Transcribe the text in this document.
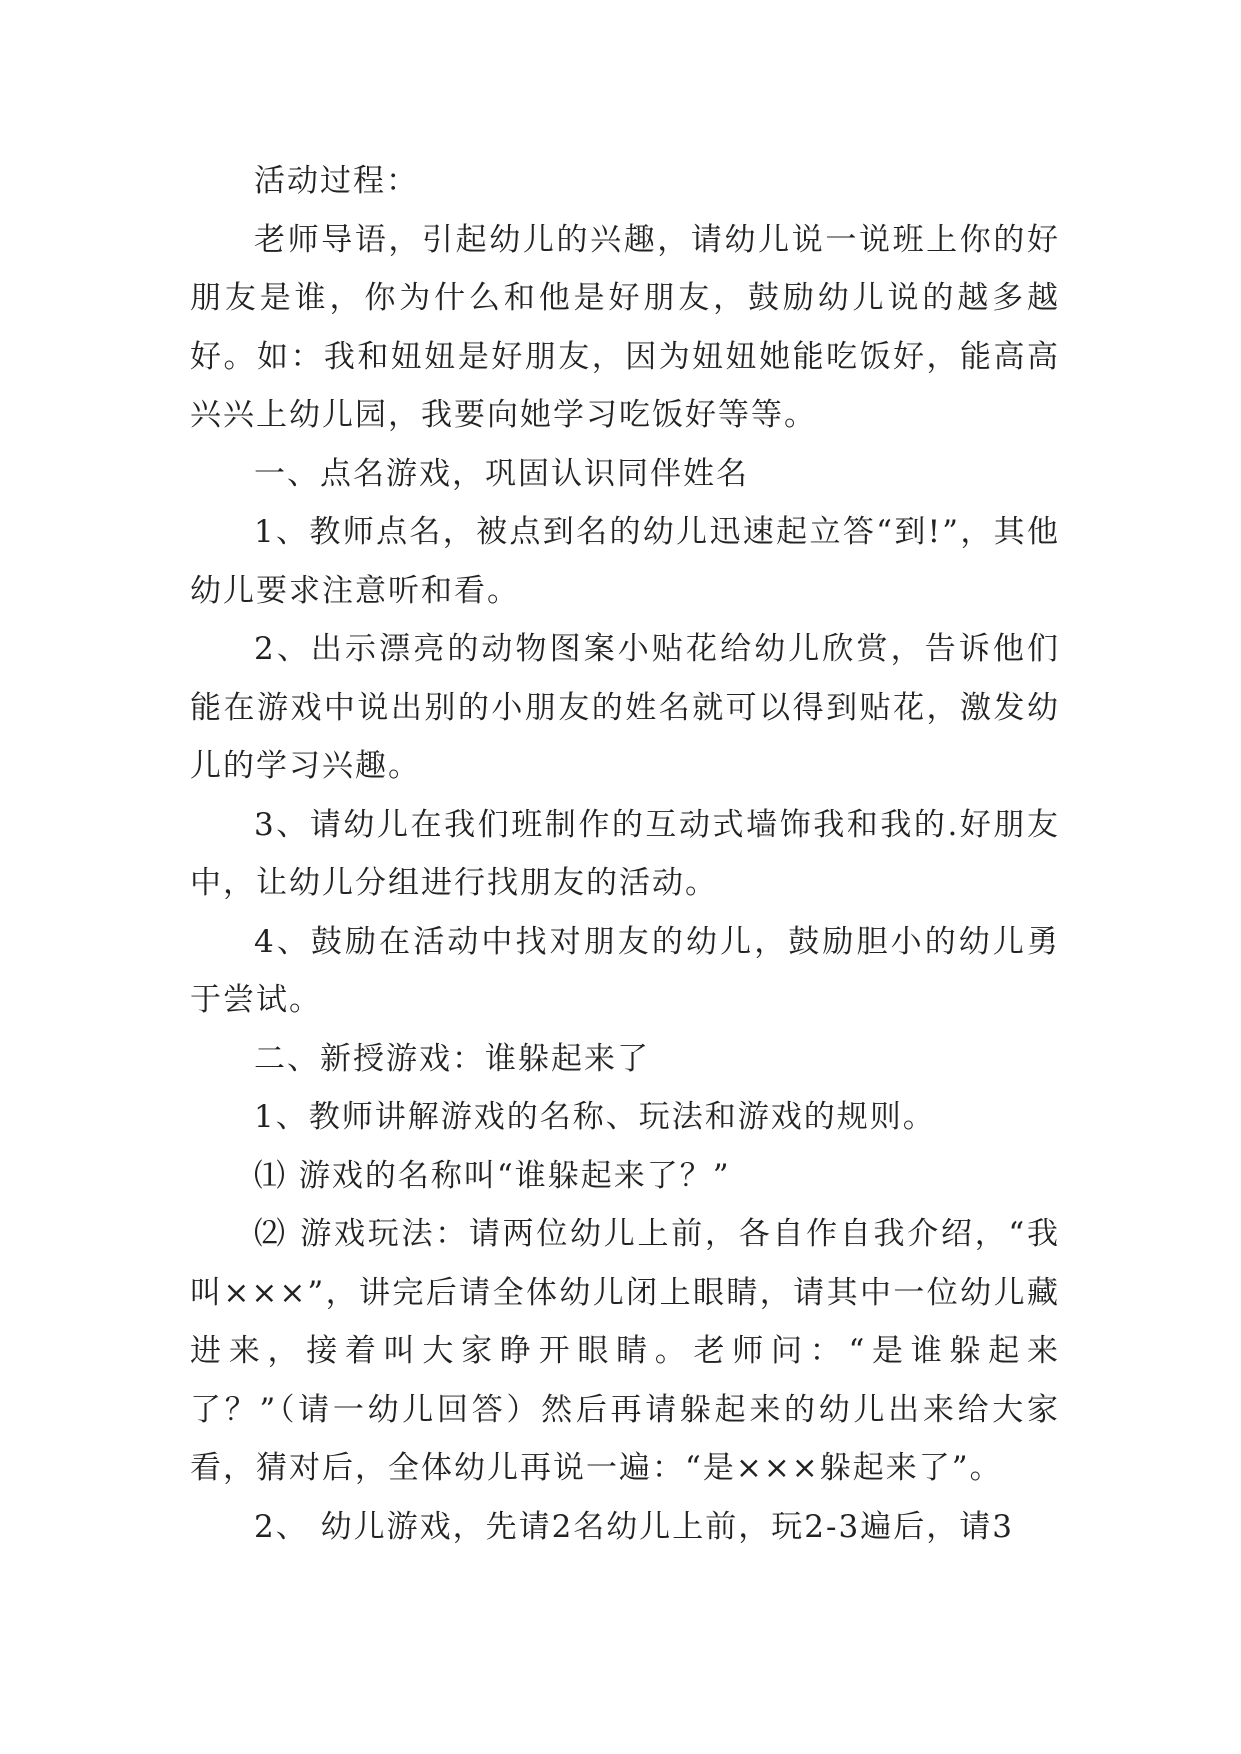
活动过程：

老师导语，引起幼儿的兴趣，请幼儿说一说班上你的好朋友是谁，你为什么和他是好朋友，鼓励幼儿说的越多越好。如：我和妞妞是好朋友，因为妞妞她能吃饭好，能高高兴兴上幼儿园，我要向她学习吃饭好等等。

一、点名游戏，巩固认识同伴姓名

1、教师点名，被点到名的幼儿迅速起立答“到!”，其他幼儿要求注意听和看。

2、出示漂亮的动物图案小贴花给幼儿欣赏，告诉他们能在游戏中说出别的小朋友的姓名就可以得到贴花，激发幼儿的学习兴趣。

3、请幼儿在我们班制作的互动式墙饰我和我的.好朋友中，让幼儿分组进行找朋友的活动。

4、鼓励在活动中找对朋友的幼儿，鼓励胆小的幼儿勇于尝试。

二、新授游戏：谁躲起来了

1、教师讲解游戏的名称、玩法和游戏的规则。

⑴ 游戏的名称叫“谁躲起来了？”

⑵ 游戏玩法：请两位幼儿上前，各自作自我介绍，“我叫×××”，讲完后请全体幼儿闭上眼睛，请其中一位幼儿藏进来，接着叫大家睁开眼睛。老师问：“是谁躲起来了？”（请一幼儿回答）然后再请躲起来的幼儿出来给大家看，猜对后，全体幼儿再说一遍：“是×××躲起来了”。

2、 幼儿游戏，先请2名幼儿上前，玩2-3遍后，请3
